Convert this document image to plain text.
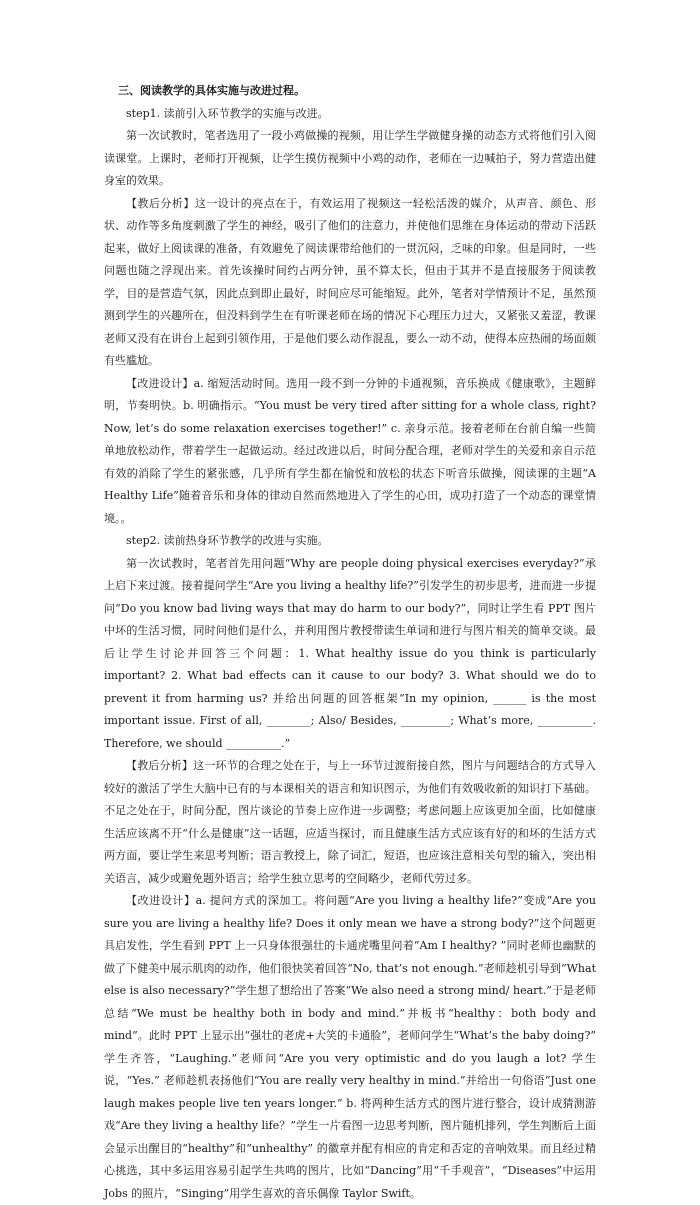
三、阅读教学的具体实施与改进过程。

step1. 读前引入环节教学的实施与改进。

第一次试教时，笔者选用了一段小鸡做操的视频，用让学生学做健身操的动态方式将他们引入阅读课堂。上课时，老师打开视频，让学生摸仿视频中小鸡的动作，老师在一边喊拍子，努力营造出健身室的效果。

【教后分析】这一设计的亮点在于，有效运用了视频这一轻松活泼的媒介，从声音、颜色、形状、动作等多角度刺激了学生的神经，吸引了他们的注意力，并使他们思维在身体运动的带动下活跃起来，做好上阅读课的准备，有效避免了阅读课带给他们的一贯沉闷，乏味的印象。但是同时，一些问题也随之浮现出来。首先该操时间约占两分钟，虽不算太长，但由于其并不是直接服务于阅读教学，目的是营造气氛，因此点到即止最好，时间应尽可能缩短。此外，笔者对学情预计不足，虽然预测到学生的兴趣所在，但没料到学生在有听课老师在场的情况下心理压力过大，又紧张又羞涩，教课老师又没有在讲台上起到引领作用，于是他们要么动作混乱，要么一动不动，使得本应热闹的场面颇有些尴尬。

【改进设计】a. 缩短活动时间。选用一段不到一分钟的卡通视频，音乐换成《健康歌》，主题鲜明，节奏明快。b. 明确指示。“You must be very tired after sitting for a whole class, right? Now, let’s do some relaxation exercises together!” c. 亲身示范。接着老师在台前自编一些简单地放松动作，带着学生一起做运动。经过改进以后，时间分配合理，老师对学生的关爱和亲自示范有效的消除了学生的紧张感，几乎所有学生都在愉悦和放松的状态下听音乐做操，阅读课的主题“A Healthy Life”随着音乐和身体的律动自然而然地进入了学生的心田，成功打造了一个动态的课堂情境。。

step2. 读前热身环节教学的改进与实施。

第一次试教时，笔者首先用问题“Why are people doing physical exercises everyday?”承上启下来过渡。接着提问学生“Are you living a healthy life?”引发学生的初步思考，进而进一步提问“Do you know bad living ways that may do harm to our body?”，同时让学生看 PPT 图片中坏的生活习惯，同时问他们是什么，并利用图片教授带读生单词和进行与图片相关的简单交谈。最后让学生讨论并回答三个问题：1. What healthy issue do you think is particularly important? 2. What bad effects can it cause to our body? 3. What should we do to prevent it from harming us? 并给出问题的回答框架“In my opinion, ______ is the most important issue. First of all, ________; Also/ Besides, _________; What’s more, __________. Therefore, we should __________.”

【教后分析】这一环节的合理之处在于，与上一环节过渡衔接自然，图片与问题结合的方式导入较好的激活了学生大脑中已有的与本课相关的语言和知识图示，为他们有效吸收新的知识打下基础。不足之处在于，时间分配，图片谈论的节奏上应作进一步调整；考虑问题上应该更加全面，比如健康生活应该离不开“什么是健康”这一话题，应适当探讨，而且健康生活方式应该有好的和坏的生活方式两方面，要让学生来思考判断；语言教授上，除了词汇，短语，也应该注意相关句型的输入，突出相关语言，减少或避免题外语言；给学生独立思考的空间略少，老师代劳过多。

【改进设计】a. 提问方式的深加工。将问题“Are you living a healthy life?”变成“Are you sure you are living a healthy life? Does it only mean we have a strong body?”这个问题更具启发性，学生看到 PPT 上一只身体很强壮的卡通虎嘴里问着“Am I healthy? ”同时老师也幽默的做了下健美中展示肌肉的动作，他们很快笑着回答“No, that’s not enough.”老师趁机引导到“What else is also necessary?”学生想了想给出了答案“We also need a strong mind/ heart.”于是老师总结“We must be healthy both in body and mind.”并板书“healthy：both body and mind”。此时 PPT 上显示出“强壮的老虎+大笑的卡通脸”，老师问学生“What’s the baby doing?” 学生齐答，“Laughing.”老师问“Are you very optimistic and do you laugh a lot? 学生说，“Yes.” 老师趁机表扬他们“You are really very healthy in mind.”并给出一句俗语“Just one laugh makes people live ten years longer.” b. 将两种生活方式的图片进行整合，设计成猜测游戏“Are they living a healthy life？”学生一片看图一边思考判断，图片随机排列，学生判断后上面会显示出醒目的“healthy”和“unhealthy” 的徽章并配有相应的肯定和否定的音响效果。而且经过精心挑选，其中多运用容易引起学生共鸣的图片，比如“Dancing”用“千手观音”，“Diseases”中运用 Jobs 的照片，“Singing”用学生喜欢的音乐偶像 Taylor Swift。
